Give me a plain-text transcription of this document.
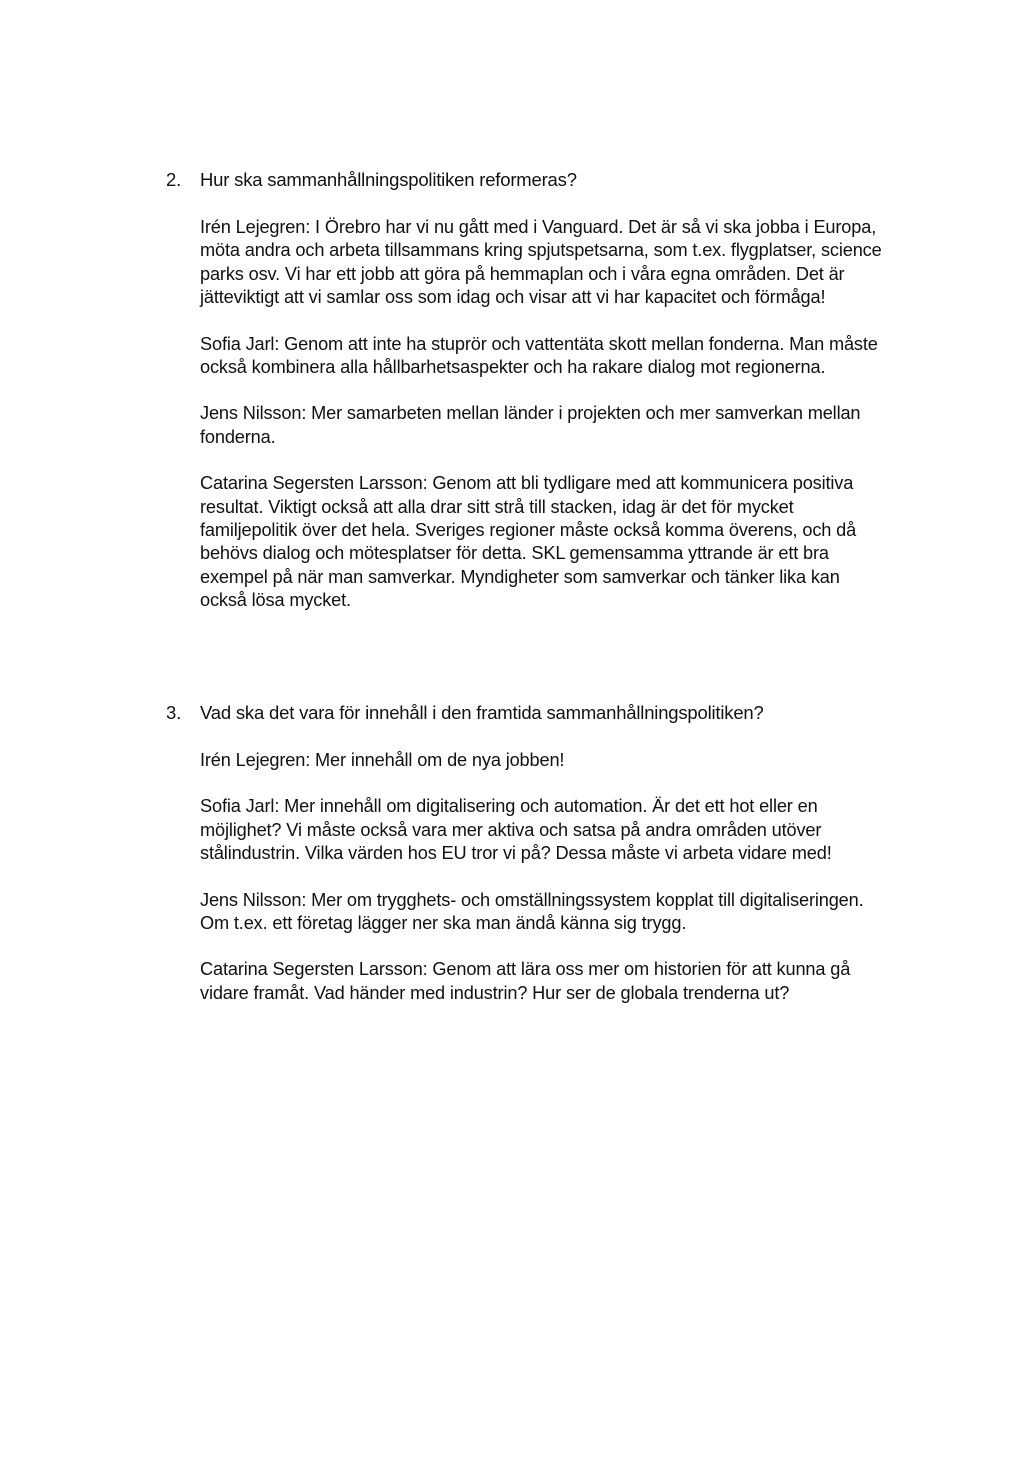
2.	Hur ska sammanhållningspolitiken reformeras?

Irén Lejegren: I Örebro har vi nu gått med i Vanguard. Det är så vi ska jobba i Europa, möta andra och arbeta tillsammans kring spjutspetsarna, som t.ex. flygplatser, science parks osv. Vi har ett jobb att göra på hemmaplan och i våra egna områden. Det är jätteviktigt att vi samlar oss som idag och visar att vi har kapacitet och förmåga!

Sofia Jarl: Genom att inte ha stuprör och vattentäta skott mellan fonderna. Man måste också kombinera alla hållbarhetsaspekter och ha rakare dialog mot regionerna.

Jens Nilsson: Mer samarbeten mellan länder i projekten och mer samverkan mellan fonderna.

Catarina Segersten Larsson: Genom att bli tydligare med att kommunicera positiva resultat. Viktigt också att alla drar sitt strå till stacken, idag är det för mycket familjepolitik över det hela. Sveriges regioner måste också komma överens, och då behövs dialog och mötesplatser för detta. SKL gemensamma yttrande är ett bra exempel på när man samverkar. Myndigheter som samverkar och tänker lika kan också lösa mycket.

3.	Vad ska det vara för innehåll i den framtida sammanhållningspolitiken?

Irén Lejegren: Mer innehåll om de nya jobben!

Sofia Jarl: Mer innehåll om digitalisering och automation. Är det ett hot eller en möjlighet? Vi måste också vara mer aktiva och satsa på andra områden utöver stålindustrin. Vilka värden hos EU tror vi på? Dessa måste vi arbeta vidare med!

Jens Nilsson: Mer om trygghets- och omställningssystem kopplat till digitaliseringen. Om t.ex. ett företag lägger ner ska man ändå känna sig trygg.

Catarina Segersten Larsson: Genom att lära oss mer om historien för att kunna gå vidare framåt. Vad händer med industrin? Hur ser de globala trenderna ut?
